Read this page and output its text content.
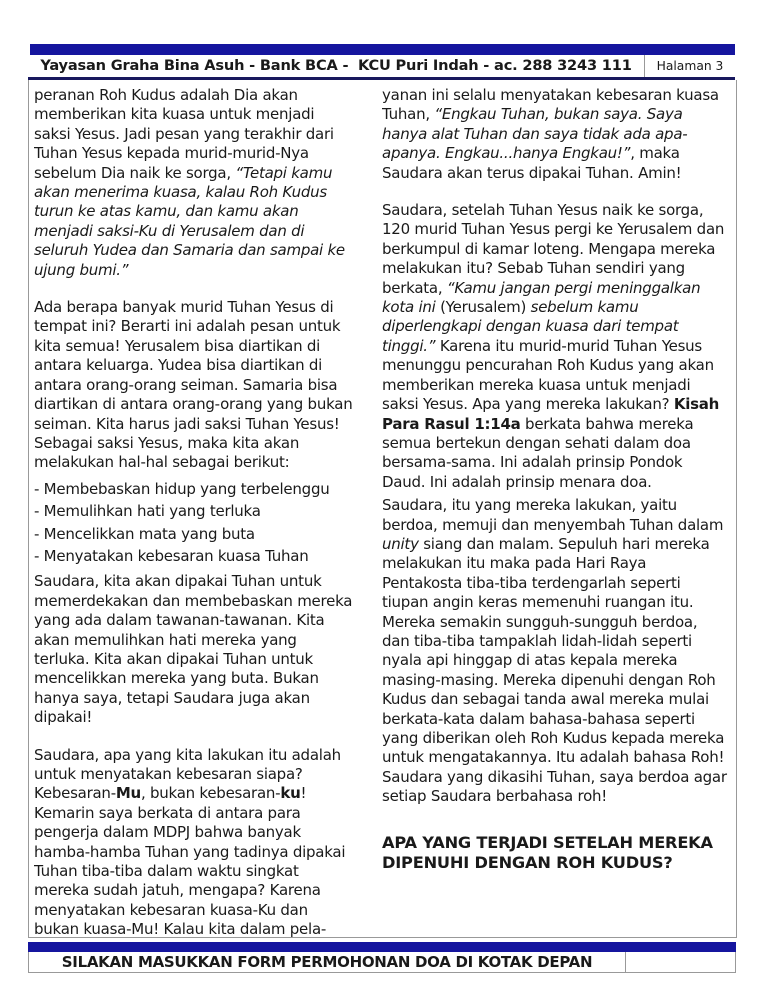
Yayasan Graha Bina Asuh - Bank BCA -  KCU Puri Indah - ac. 288 3243 111	Halaman 3
peranan Roh Kudus adalah Dia akan memberikan kita kuasa untuk menjadi saksi Yesus. Jadi pesan yang terakhir dari Tuhan Yesus kepada murid-murid-Nya sebelum Dia naik ke sorga, “Tetapi kamu akan menerima kuasa, kalau Roh Kudus turun ke atas kamu, dan kamu akan menjadi saksi-Ku di Yerusalem dan di seluruh Yudea dan Samaria dan sampai ke ujung bumi.”
Ada berapa banyak murid Tuhan Yesus di tempat ini? Berarti ini adalah pesan untuk kita semua! Yerusalem bisa diartikan di antara keluarga. Yudea bisa diartikan di antara orang-orang seiman. Samaria bisa diartikan di antara orang-orang yang bukan seiman. Kita harus jadi saksi Tuhan Yesus! Sebagai saksi Yesus, maka kita akan melakukan hal-hal sebagai berikut:
- Membebaskan hidup yang terbelenggu
- Memulihkan hati yang terluka
- Mencelikkan mata yang buta
- Menyatakan kebesaran kuasa Tuhan
Saudara, kita akan dipakai Tuhan untuk memerdekakan dan membebaskan mereka yang ada dalam tawanan-tawanan. Kita akan memulihkan hati mereka yang terluka. Kita akan dipakai Tuhan untuk mencelikkan mereka yang buta. Bukan hanya saya, tetapi Saudara juga akan dipakai!
Saudara, apa yang kita lakukan itu adalah untuk menyatakan kebesaran siapa? Kebesaran-Mu, bukan kebesaran-ku! Kemarin saya berkata di antara para pengerja dalam MDPJ bahwa banyak hamba-hamba Tuhan yang tadinya dipakai Tuhan tiba-tiba dalam waktu singkat mereka sudah jatuh, mengapa? Karena menyatakan kebesaran kuasa-Ku dan bukan kuasa-Mu! Kalau kita dalam pela-
yanan ini selalu menyatakan kebesaran kuasa Tuhan, “Engkau Tuhan, bukan saya. Saya hanya alat Tuhan dan saya tidak ada apa-apanya. Engkau...hanya Engkau!”, maka Saudara akan terus dipakai Tuhan. Amin!
Saudara, setelah Tuhan Yesus naik ke sorga, 120 murid Tuhan Yesus pergi ke Yerusalem dan berkumpul di kamar loteng. Mengapa mereka melakukan itu? Sebab Tuhan sendiri yang berkata, “Kamu jangan pergi meninggalkan kota ini (Yerusalem) sebelum kamu diperlengkapi dengan kuasa dari tempat tinggi.” Karena itu murid-murid Tuhan Yesus menunggu pencurahan Roh Kudus yang akan memberikan mereka kuasa untuk menjadi saksi Yesus. Apa yang mereka lakukan? Kisah Para Rasul 1:14a berkata bahwa mereka semua bertekun dengan sehati dalam doa bersama-sama. Ini adalah prinsip Pondok Daud. Ini adalah prinsip menara doa.
Saudara, itu yang mereka lakukan, yaitu berdoa, memuji dan menyembah Tuhan dalam unity siang dan malam. Sepuluh hari mereka melakukan itu maka pada Hari Raya Pentakosta tiba-tiba terdengarlah seperti tiupan angin keras memenuhi ruangan itu. Mereka semakin sungguh-sungguh berdoa, dan tiba-tiba tampaklah lidah-lidah seperti nyala api hinggap di atas kepala mereka masing-masing. Mereka dipenuhi dengan Roh Kudus dan sebagai tanda awal mereka mulai berkata-kata dalam bahasa-bahasa seperti yang diberikan oleh Roh Kudus kepada mereka untuk mengatakannya. Itu adalah bahasa Roh! Saudara yang dikasihi Tuhan, saya berdoa agar setiap Saudara berbahasa roh!
APA YANG TERJADI SETELAH MEREKA DIPENUHI DENGAN ROH KUDUS?
SILAKAN MASUKKAN FORM PERMOHONAN DOA DI KOTAK DEPAN
